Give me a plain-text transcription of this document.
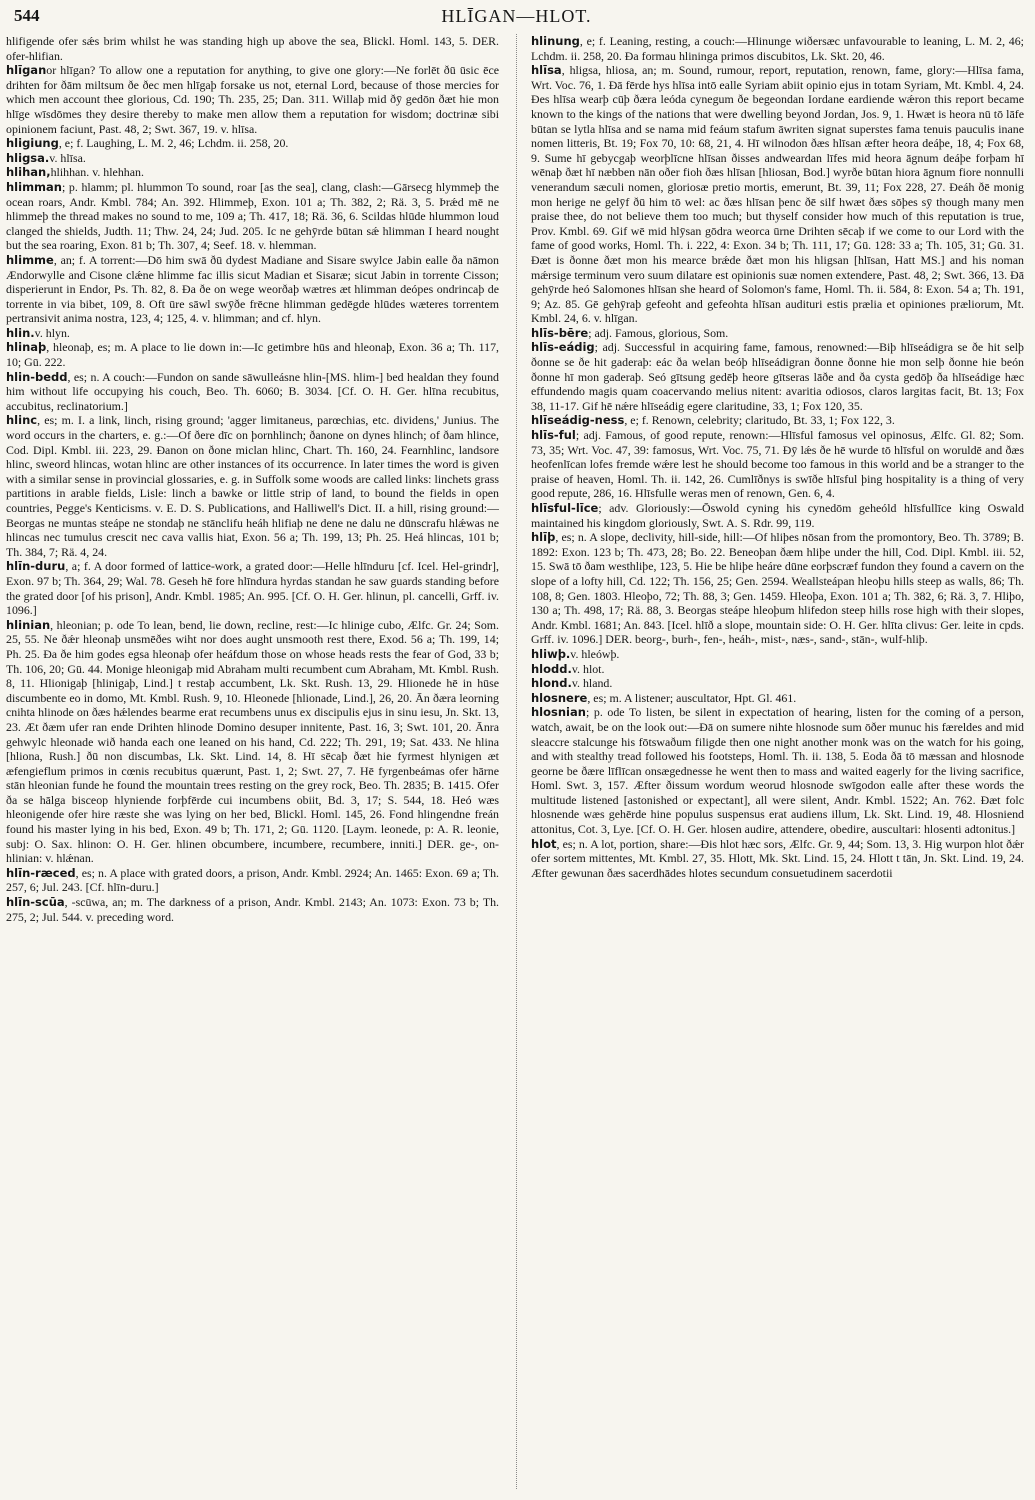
544	HLĪGAN—HLOT.

hlifigende ofer sǽs brim whilst he was standing high up above the sea, Blickl. Homl. 143, 5. DER. ofer-hlifian.

hlīganor hlīgan? To allow one a reputation for anything, to give one glory:—Ne forlēt ðū ūsic ēce drihten for ðām miltsum ðe ðec men hlīgaþ forsake us not, eternal Lord, because of those mercies for which men account thee glorious, Cd. 190; Th. 235, 25; Dan. 311. Willaþ mid ðȳ gedōn ðæt hie mon hlīge wīsdōmes they desire thereby to make men allow them a reputation for wisdom; doctrinæ sibi opinionem faciunt, Past. 48, 2; Swt. 367, 19. v. hlīsa.

hligiung, e; f. Laughing, L. M. 2, 46; Lchdm. ii. 258, 20.

hligsa.v. hlīsa.

hlihan,hlihhan. v. hlehhan.

hlimman; p. hlamm; pl. hlummon To sound, roar [as the sea], clang, clash:—Gārsecg hlymmeþ the ocean roars, Andr. Kmbl. 784; An. 392. Hlimmeþ, Exon. 101 a; Th. 382, 2; Rä. 3, 5. Þrǽd mē ne hlimmeþ the thread makes no sound to me, 109 a; Th. 417, 18; Rä. 36, 6. Scildas hlūde hlummon loud clanged the shields, Judth. 11; Thw. 24, 24; Jud. 205. Ic ne gehȳrde būtan sǽ hlimman I heard nought but the sea roaring, Exon. 81 b; Th. 307, 4; Seef. 18. v. hlemman.

hlimme, an; f. A torrent:—Dō him swā ðū dydest Madiane and Sisare swylce Jabin ealle ða nāmon Ændorwylle and Cisone clǽne hlimme fac illis sicut Madian et Sisaræ; sicut Jabin in torrente Cisson; disperierunt in Endor, Ps. Th. 82, 8. Ða ðe on wege weorðaþ wætres æt hlimman deópes ondrincaþ de torrente in via bibet, 109, 8. Oft ūre sāwl swȳðe frēcne hlimman gedēgde hlūdes wæteres torrentem pertransivit anima nostra, 123, 4; 125, 4. v. hlimman; and cf. hlyn.

hlin.v. hlyn.

hlinaþ, hleonaþ, es; m. A place to lie down in:—Ic getimbre hūs and hleonaþ, Exon. 36 a; Th. 117, 10; Gū. 222.

hlin-bedd, es; n. A couch:—Fundon on sande sāwulleásne hlin-[MS. hlim-] bed healdan they found him without life occupying his couch, Beo. Th. 6060; B. 3034. [Cf. O. H. Ger. hlīna recubitus, accubitus, reclinatorium.]

hlinc, es; m. I. a link, linch, rising ground; 'agger limitaneus, parœchias, etc. dividens,' Junius. The word occurs in the charters, e. g.:—Of ðere dīc on þornhlinch; ðanone on dynes hlinch; of ðam hlince, Cod. Dipl. Kmbl. iii. 223, 29. Ðanon on ðone miclan hlinc, Chart. Th. 160, 24. Fearnhlinc, landsore hlinc, sweord hlincas, wotan hlinc are other instances of its occurrence. In later times the word is given with a similar sense in provincial glossaries, e. g. in Suffolk some woods are called links: linchets grass partitions in arable fields, Lisle: linch a bawke or little strip of land, to bound the fields in open countries, Pegge's Kenticisms. v. E. D. S. Publications, and Halliwell's Dict. II. a hill, rising ground:—Beorgas ne muntas steápe ne stondaþ ne stānclifu heáh hlifiaþ ne dene ne dalu ne dūnscrafu hlǽwas ne hlincas nec tumulus crescit nec cava vallis hiat, Exon. 56 a; Th. 199, 13; Ph. 25. Heá hlincas, 101 b; Th. 384, 7; Rä. 4, 24.

hlīn-duru, a; f. A door formed of lattice-work, a grated door:—Helle hlīnduru [cf. Icel. Hel-grindr], Exon. 97 b; Th. 364, 29; Wal. 78. Geseh hē fore hlīndura hyrdas standan he saw guards standing before the grated door [of his prison], Andr. Kmbl. 1985; An. 995. [Cf. O. H. Ger. hlinun, pl. cancelli, Grff. iv. 1096.]

hlinian, hleonian; p. ode To lean, bend, lie down, recline, rest:—Ic hlinige cubo, Ælfc. Gr. 24; Som. 25, 55. Ne ðǽr hleonaþ unsmēðes wiht nor does aught unsmooth rest there, Exod. 56 a; Th. 199, 14; Ph. 25. Ða ðe him godes egsa hleonaþ ofer heáfdum those on whose heads rests the fear of God, 33 b; Th. 106, 20; Gū. 44. Monige hleonigaþ mid Abraham multi recumbent cum Abraham, Mt. Kmbl. Rush. 8, 11. Hlionigaþ [hlinigaþ, Lind.] t restaþ accumbent, Lk. Skt. Rush. 13, 29. Hlionede hē in hūse discumbente eo in domo, Mt. Kmbl. Rush. 9, 10. Hleonede [hlionade, Lind.], 26, 20. Ān ðæra leorning cnihta hlinode on ðæs hǽlendes bearme erat recumbens unus ex discipulis ejus in sinu iesu, Jn. Skt. 13, 23. Æt ðæm ufer ran ende Drihten hlinode Domino desuper innitente, Past. 16, 3; Swt. 101, 20. Ānra gehwylc hleonade wið handa each one leaned on his hand, Cd. 222; Th. 291, 19; Sat. 433. Ne hlina [hliona, Rush.] ðū non discumbas, Lk. Skt. Lind. 14, 8. Hī sēcaþ ðæt hie fyrmest hlynigen æt æfengieflum primos in cœnis recubitus quærunt, Past. 1, 2; Swt. 27, 7. Hē fyrgenbeámas ofer hārne stān hleonian funde he found the mountain trees resting on the grey rock, Beo. Th. 2835; B. 1415. Ofer ða se hālga bisceop hlyniende forþfērde cui incumbens obiit, Bd. 3, 17; S. 544, 18. Heó wæs hleonigende ofer hire ræste she was lying on her bed, Blickl. Homl. 145, 26. Fond hlingendne freán found his master lying in his bed, Exon. 49 b; Th. 171, 2; Gū. 1120. [Laym. leonede, p: A. R. leonie, subj: O. Sax. hlinon: O. H. Ger. hlinen obcumbere, incumbere, recumbere, inniti.] DER. ge-, on-hlinian: v. hlǽnan.

hlīn-ræced, es; n. A place with grated doors, a prison, Andr. Kmbl. 2924; An. 1465: Exon. 69 a; Th. 257, 6; Jul. 243. [Cf. hlīn-duru.]

hlīn-scūa, -scūwa, an; m. The darkness of a prison, Andr. Kmbl. 2143; An. 1073: Exon. 73 b; Th. 275, 2; Jul. 544. v. preceding word.

hlinung, e; f. Leaning, resting, a couch:—Hlinunge wiðersæc unfavourable to leaning, L. M. 2, 46; Lchdm. ii. 258, 20. Ða formau hlininga primos discubitos, Lk. Skt. 20, 46.

hlīsa, hligsa, hliosa, an; m. Sound, rumour, report, reputation, renown, fame, glory:—Hlīsa fama, Wrt. Voc. 76, 1. Ðā fērde hys hlīsa intō ealle Syriam abiit opinio ejus in totam Syriam, Mt. Kmbl. 4, 24. Ðes hlīsa wearþ cūþ ðæra leóda cynegum ðe begeondan Iordane eardiende wǽron this report became known to the kings of the nations that were dwelling beyond Jordan, Jos. 9, 1. Hwæt is heora nū tō lāfe būtan se lytla hlīsa and se nama mid feáum stafum āwriten signat superstes fama tenuis pauculis inane nomen litteris, Bt. 19; Fox 70, 10: 68, 21, 4. Hī wilnodon ðæs hlīsan æfter heora deáþe, 18, 4; Fox 68, 9. Sume hī gebycgaþ weorþlīcne hlīsan ðisses andweardan līfes mid heora āgnum deáþe forþam hī wēnaþ ðæt hī næbben nān oðer fioh ðæs hlīsan [hliosan, Bod.] wyrðe būtan hiora āgnum fiore nonnulli venerandum sæculi nomen, gloriosæ pretio mortis, emerunt, Bt. 39, 11; Fox 228, 27. Ðeáh ðē monig mon herige ne gelȳf ðū him tō wel: ac ðæs hlīsan þenc ðē silf hwæt ðæs sōþes sȳ though many men praise thee, do not believe them too much; but thyself consider how much of this reputation is true, Prov. Kmbl. 69. Gif wē mid hlȳsan gōdra weorca ūrne Drihten sēcaþ if we come to our Lord with the fame of good works, Homl. Th. i. 222, 4: Exon. 34 b; Th. 111, 17; Gū. 128: 33 a; Th. 105, 31; Gū. 31. Ðæt is ðonne ðæt mon his mearce brǽde ðæt mon his hligsan [hlīsan, Hatt MS.] and his noman mǽrsige terminum vero suum dilatare est opinionis suæ nomen extendere, Past. 48, 2; Swt. 366, 13. Ðā gehȳrde heó Salomones hlīsan she heard of Solomon's fame, Homl. Th. ii. 584, 8: Exon. 54 a; Th. 191, 9; Az. 85. Gē gehȳraþ gefeoht and gefeohta hlīsan audituri estis prælia et opiniones præliorum, Mt. Kmbl. 24, 6. v. hlīgan.

hlīs-bēre; adj. Famous, glorious, Som.

hlīs-eádig; adj. Successful in acquiring fame, famous, renowned:—Biþ hlīseádigra se ðe hit selþ ðonne se ðe hit gaderaþ: eác ða welan beóþ hlīseádigran ðonne ðonne hie mon selþ ðonne hie beón ðonne hī mon gaderaþ. Seó gītsung gedēþ heore gītseras lāðe and ða cysta gedōþ ða hlīseádige hæc effundendo magis quam coacervando melius nitent: avaritia odiosos, claros largitas facit, Bt. 13; Fox 38, 11-17. Gif hē nǽre hlīseádig egere claritudine, 33, 1; Fox 120, 35.

hlīseádig-ness, e; f. Renown, celebrity; claritudo, Bt. 33, 1; Fox 122, 3.

hlīs-ful; adj. Famous, of good repute, renown:—Hlīsful famosus vel opinosus, Ælfc. Gl. 82; Som. 73, 35; Wrt. Voc. 47, 39: famosus, Wrt. Voc. 75, 71. Ðȳ lǽs ðe hē wurde tō hlīsful on woruldē and ðæs heofenlīcan lofes fremde wǽre lest he should become too famous in this world and be a stranger to the praise of heaven, Homl. Th. ii. 142, 26. Cumlīðnys is swīðe hlīsful þing hospitality is a thing of very good repute, 286, 16. Hlīsfulle weras men of renown, Gen. 6, 4.

hlīsful-līce; adv. Gloriously:—Ōswold cyning his cynedōm geheóld hlīsfullīce king Oswald maintained his kingdom gloriously, Swt. A. S. Rdr. 99, 119.

hlīþ, es; n. A slope, declivity, hill-side, hill:—Of hliþes nōsan from the promontory, Beo. Th. 3789; B. 1892: Exon. 123 b; Th. 473, 28; Bo. 22. Beneoþan ðæm hliþe under the hill, Cod. Dipl. Kmbl. iii. 52, 15. Swā tō ðam westhliþe, 123, 5. Hie be hliþe heáre dūne eorþscræf fundon they found a cavern on the slope of a lofty hill, Cd. 122; Th. 156, 25; Gen. 2594. Weallsteápan hleoþu hills steep as walls, 86; Th. 108, 8; Gen. 1803. Hleoþo, 72; Th. 88, 3; Gen. 1459. Hleoþa, Exon. 101 a; Th. 382, 6; Rä. 3, 7. Hliþo, 130 a; Th. 498, 17; Rä. 88, 3. Beorgas steápe hleoþum hlifedon steep hills rose high with their slopes, Andr. Kmbl. 1681; An. 843. [Icel. hlīð a slope, mountain side: O. H. Ger. hlīta clivus: Ger. leite in cpds. Grff. iv. 1096.] DER. beorg-, burh-, fen-, heáh-, mist-, næs-, sand-, stān-, wulf-hliþ.

hliwþ.v. hleówþ.

hlodd.v. hlot.

hlond.v. hland.

hlosnere, es; m. A listener; auscultator, Hpt. Gl. 461.

hlosnian; p. ode To listen, be silent in expectation of hearing, listen for the coming of a person, watch, await, be on the look out:—Ðā on sumere nihte hlosnode sum ōðer munuc his færeldes and mid sleaccre stalcunge his fōtswaðum filigde then one night another monk was on the watch for his going, and with stealthy tread followed his footsteps, Homl. Th. ii. 138, 5. Eoda ðā tō mæssan and hlosnode georne be ðære līflīcan onsægednesse he went then to mass and waited eagerly for the living sacrifice, Homl. Swt. 3, 157. Æfter ðissum wordum weorud hlosnode swīgodon ealle after these words the multitude listened [astonished or expectant], all were silent, Andr. Kmbl. 1522; An. 762. Ðæt folc hlosnende wæs gehērde hine populus suspensus erat audiens illum, Lk. Skt. Lind. 19, 48. Hlosniend attonitus, Cot. 3, Lye. [Cf. O. H. Ger. hlosen audire, attendere, obedire, auscultari: hlosenti adtonitus.]

hlot, es; n. A lot, portion, share:—Ðis hlot hæc sors, Ælfc. Gr. 9, 44; Som. 13, 3. Hig wurpon hlot ðǽr ofer sortem mittentes, Mt. Kmbl. 27, 35. Hlott, Mk. Skt. Lind. 15, 24. Hlott t tān, Jn. Skt. Lind. 19, 24. Æfter gewunan ðæs sacerdhādes hlotes secundum consuetudinem sacerdotii
